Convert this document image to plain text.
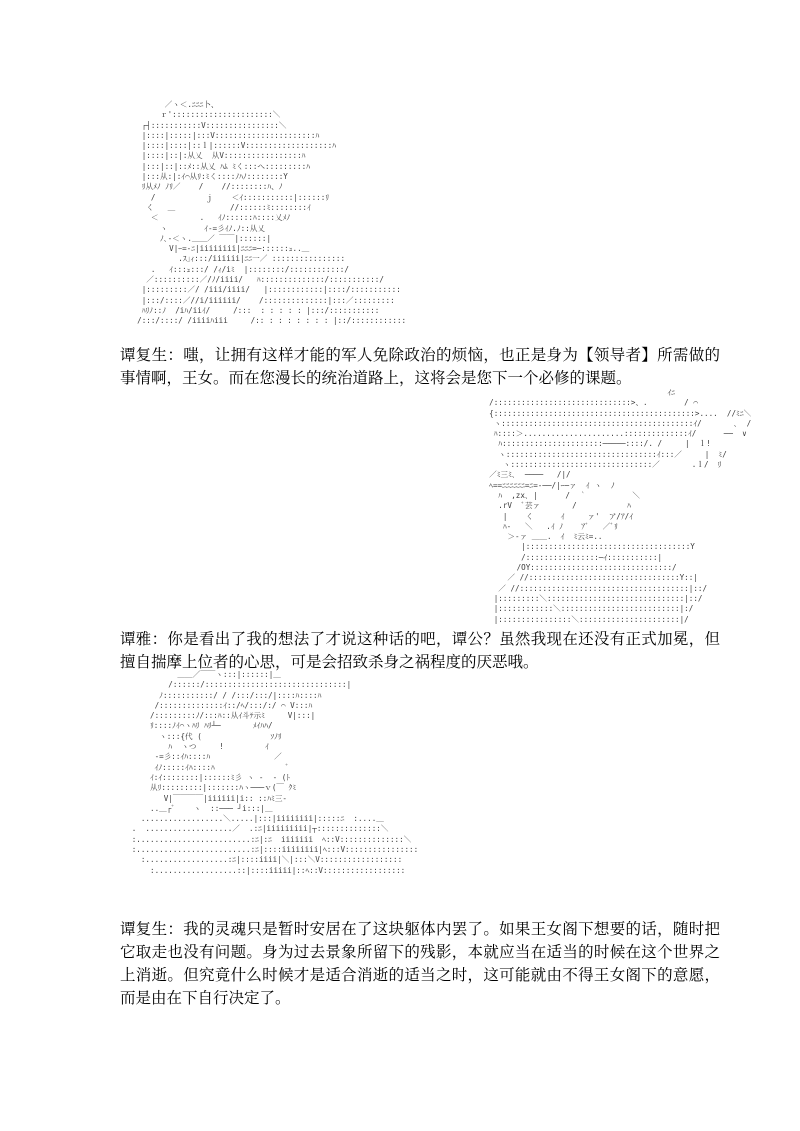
／ヽ＜.ﾆﾆﾆ卜、
ｒ'::::::::::::::::::::::＼
┌┤:::::::::::V::::::::::::::::＼
|::::|:::::|:::V::::::::::::::::::::::ﾊ
|::::|::::|::ｌ|::::::V:::::::::::::::::::ﾊ
|::::|::|:从乂  从V:::::::::::::::::ﾊ
|:::|::|::ﾒ::从乂 ﾊﾑ ﾐく:::へ:::::::::ﾊ
|:::从:|:ｲ⌒从ﾘ:ﾐく::::ﾉﾊﾉ::::::::Y
ﾘ从ﾒﾉ ﾉﾘ／    /    //::::::::ﾊ、ﾉ
/           ｊ    ＜ｲ:::::::::::|::::::ﾘ
く   ＿            //::::::ﾐ::::::::ｲ
＜         .   ｲﾉ::::::ﾊ::::乂ﾒﾉ
ヽ        ｲ-=彡ｲﾉ.ﾉ::从乂
ﾉ､-＜ヽ.＿＿／ ￣￣|::::::|
V|ｰ=-ﾆ|iiiiiiii|ﾆﾆﾆ=─::::::ｭ..＿
.ｽ｣ｨ:::/iiiiii|ﾆﾆ一／ ::::::::::::::::
.   ｲ:::ｭ:::/ /ｨ/iﾐ  |::::::::/::::::::::::/
／::::::::::／/ﾉ/iiii/   ﾊ::::::::::::::/:::::::::::/
|:::::::::／/ /iii/iiii/   |::::::::::::|::::/:::::::::::
|:::/::::／//i/iiiiii/    /::::::::::::::|:::／:::::::::
ﾊﾘﾉ::ﾉ  /iﾊ/iiｲ/     /:::  : : : : : |:::/:::::::::::
/:::/::::/ /iiiiﾊiii     /:: : : : : : : : |::/::::::::::::

谭复生：嗤，让拥有这样才能的军人免除政治的烦恼，也正是身为【领导者】所需做的事情啊，王女。而在您漫长的统治道路上，这将会是您下一个必修的课题。

ｲﾆ
/::::::::::::::::::::::::::::::>、.        / ⌒
{::::::::::::::::::::::::::::::::::::::::::::>....  //ﾐﾆ＼
ヽ::::::::::::::::::::::::::::::::::::::::::ｲ/       ､  /
ﾊ::::＞......................::::::::::::::ｲ/      ──  ∨
ﾊ::::::::::::::::::::::─────::::/. /     |  ｌ!
ヽ:::::::::::::::::::::::::::::::::ｲ:::／     |  ﾐ/
ヽ:::::::::::::::::::::::::::::::／       .ｌ/  ﾘ
／ﾐ三ﾐ､  ────   /|/
ﾍ==ﾆﾆﾆﾆﾆﾆ=ﾆ=-──/|ｰ─ァ  ｲ ヽ  ﾉ
ﾊ  ,zx､ |      /  ｀          ＼
.rV  ﾞ芸ァ       /           ﾊ
|    く      ｲ     ァ'  ア/ｱ/ｲ
ﾊ-   ＼   .ｲ ﾉ    ｱﾞ   ／ﾞﾘ
＞-ァ ＿＿.  ｲ  ﾐ云ﾐ=..
|::::::::::::::::::::::::::::::::::::Y
/::::::::::::::::─ｲ:::::::::::|
/OY:::::::::::::::::::::::::::::::/
／ //:::::::::::::::::::::::::::::::::Y::|
／ //:::::::::::::::::::::::::::::::::::::|::/
|:::::::::＼::::::::::::::::::::::::::::::|::/
|::::::::::::＼::::::::::::::::::::::::::|:/
|::::::::::::::::＼::::::::::::::::::::::|/

谭雅：你是看出了我的想法了才说这种话的吧，谭公？虽然我现在还没有正式加冕，但擅自揣摩上位者的心思，可是会招致杀身之祸程度的厌恶哦。

＿＿／￣￣ヽ:::|::::::|＿
/::::::/:::::::::::::::::::::::::::::::|
ﾉ:::::::::::/ / /:::/:::/|::::ﾊ::::ﾊ
/::::::::::::::ｲ::/ﾍ/:::/:/ ⌒ V:::ﾊ
/:::::::::ﾉ/:::ﾊ::从ｲ斗ﾃ示ﾐ     V|:::|
ﾘ::::ﾉｲ⌒ヽﾊﾘ ﾊﾘ┴─       ﾒｲﾊﾊ/
ヽ:::{代 (               ｿﾉﾘ
ﾊ  ヽつ     !         ｲ
-=彡::ｲﾊ::::ﾊ              ／
ｲﾉ:::::ｲﾊ::::ﾊ                ﾞ
ｲ:ｲ::::::::|::::::ﾐ彡 ヽ ‐  ‐ (ﾄ
从ﾘ:::::::::|:::::::ﾊヽ───ｖ(￣ ｸﾐ
V|￣￣￣￣|iiiiii|i:: ::ﾊﾐ三-
..＿┌ﾞ    ヽ  ::─── ┘i:::|＿
..................＼.....|:::|iiiiiiii|:::::ﾆ  :....＿
.  ...................／  .:ﾆ|iiiiiiiii|┬::::::::::::::＼
:.........................:ﾆ|:ﾆ  iiiiiii  ﾍ::V::::::::::::::＼
:.........................:ﾆ|::::iiiiiiii|ﾍ:::V::::::::::::::::
:..................:ﾆ|::::iiii|＼|:::＼V::::::::::::::::::
:..................::|::::iiiii|::ﾍ::V::::::::::::::::::

谭复生：我的灵魂只是暂时安居在了这块躯体内罢了。如果王女阁下想要的话，随时把它取走也没有问题。身为过去景象所留下的残影，本就应当在适当的时候在这个世界之上消逝。但究竟什么时候才是适合消逝的适当之时，这可能就由不得王女阁下的意愿，而是由在下自行决定了。
